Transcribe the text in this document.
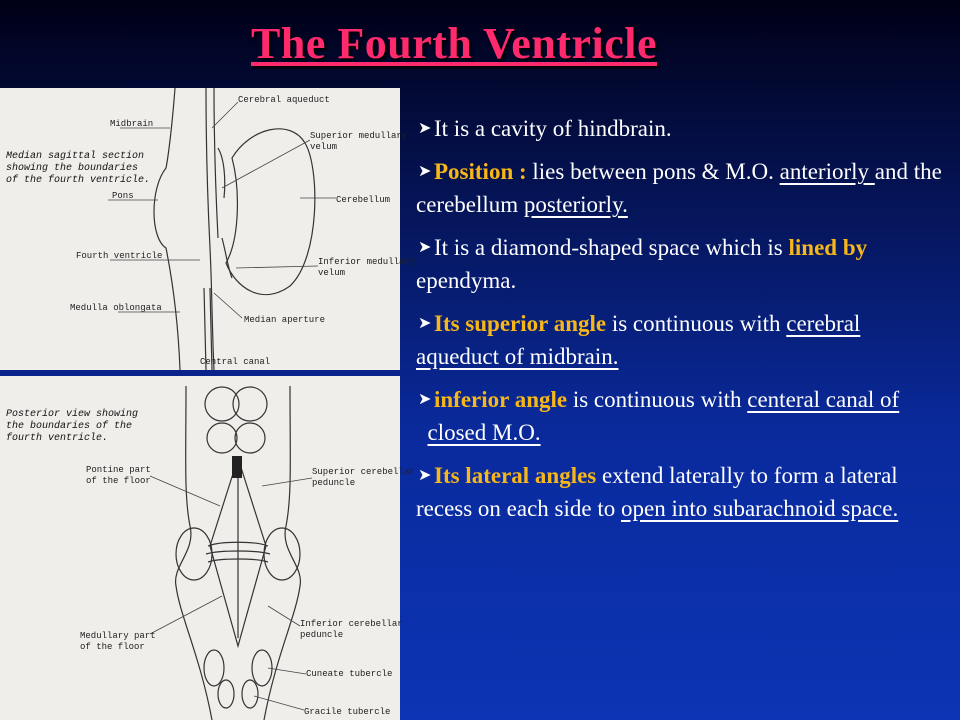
The Fourth Ventricle
Median sagittal section
showing the boundaries
of the fourth ventricle.
Cerebral aqueduct
Midbrain
Superior medullary
velum
Pons	Cerebellum
Fourth ventricle
Inferior medullary
velum
Medulla oblongata
Median aperture
Central canal
Posterior view showing
the boundaries of the
fourth ventricle.
Pontine part
of the floor
Superior cerebellar
peduncle
Inferior cerebellar
peduncle
Medullary part
of the floor
Cuneate tubercle
Gracile tubercle
➤ It is a cavity of hindbrain.
➤ Position : lies between pons & M.O. anteriorly and the cerebellum posteriorly.
➤ It is a diamond-shaped space which is lined by ependyma.
➤ Its superior angle is continuous with cerebral aqueduct of midbrain.
➤ inferior angle is continuous with centeral canal of  closed M.O.
➤ Its lateral angles extend laterally to form a lateral recess on each side to open into subarachnoid space.
